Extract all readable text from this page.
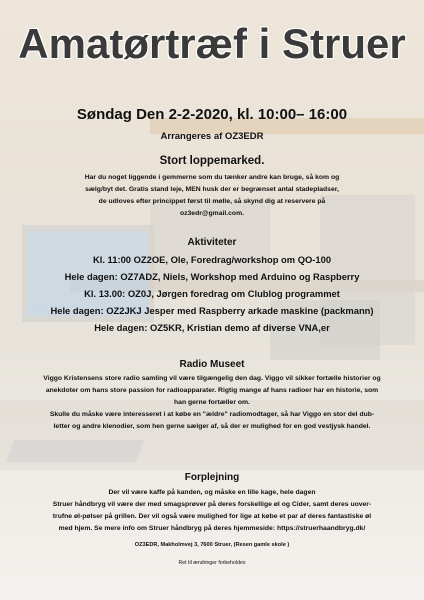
Amatørtræf i Struer
Søndag Den 2-2-2020, kl. 10:00– 16:00
Arrangeres af OZ3EDR
Stort loppemarked.
Har du noget liggende i gemmerne som du tænker andre kan bruge, så kom og
sælg/byt det. Gratis stand leje, MEN husk der er begrænset antal stadepladser,
de udloves efter princippet først til mølle, så skynd dig at reservere på
oz3edr@gmail.com.
Aktiviteter
Kl. 11:00 OZ2OE, Ole, Foredrag/workshop om QO-100
Hele dagen: OZ7ADZ, Niels, Workshop med Arduino og Raspberry
Kl. 13.00: OZ0J, Jørgen foredrag om Clublog programmet
Hele dagen: OZ2JKJ Jesper med Raspberry arkade maskine (packmann)
Hele dagen: OZ5KR, Kristian demo af diverse VNA,er
Radio Museet
Viggo Kristensens store radio samling vil være tilgængelig den dag. Viggo vil sikker fortælle historier og
anekdoter om hans store passion for radioapparater. Rigtig mange af hans radioer har en historie, som
han gerne fortæller om.
Skulle du måske være interesseret i at købe en "ældre" radiomodtager, så har Viggo en stor del dub-
letter og andre klenodier, som hen gerne sælger af, så der er mulighed for en god vestjysk handel.
Forplejning
Der vil være kaffe på kanden, og måske en lille kage, hele dagen
Struer håndbryg vil være der med smagsprøver på deres forskellige øl og Cider, samt deres uover-
trufne øl-pølser på grillen. Der vil også være mulighed for lige at købe et par af deres fantastiske øl
med hjem. Se mere info om Struer håndbryg på deres hjemmeside: https://struerhaandbryg.dk/
OZ3EDR, Makholmvej 3, 7600 Struer, (Resen gamle skole )
Ret til ændringer forbeholdes
